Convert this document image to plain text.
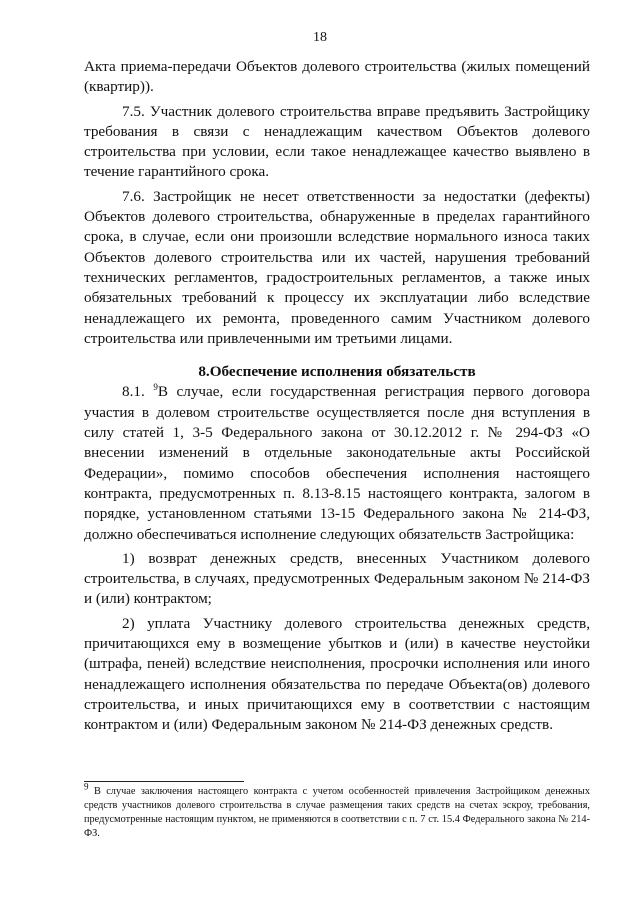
18

Акта приема-передачи Объектов долевого строительства (жилых помещений (квартир)).

7.5. Участник долевого строительства вправе предъявить Застройщику требования в связи с ненадлежащим качеством Объектов долевого строительства при условии, если такое ненадлежащее качество выявлено в течение гарантийного срока.

7.6. Застройщик не несет ответственности за недостатки (дефекты) Объектов долевого строительства, обнаруженные в пределах гарантийного срока, в случае, если они произошли вследствие нормального износа таких Объектов долевого строительства или их частей, нарушения требований технических регламентов, градостроительных регламентов, а также иных обязательных требований к процессу их эксплуатации либо вследствие ненадлежащего их ремонта, проведенного самим Участником долевого строительства или привлеченными им третьими лицами.

8.Обеспечение исполнения обязательств

8.1. $^9$В случае, если государственная регистрация первого договора участия в долевом строительстве осуществляется после дня вступления в силу статей 1, 3-5 Федерального закона от 30.12.2012 г. № 294-ФЗ «О внесении изменений в отдельные законодательные акты Российской Федерации», помимо способов обеспечения исполнения настоящего контракта, предусмотренных п. 8.13-8.15 настоящего контракта, залогом в порядке, установленном статьями 13-15 Федерального закона № 214-ФЗ, должно обеспечиваться исполнение следующих обязательств Застройщика:

1) возврат денежных средств, внесенных Участником долевого строительства, в случаях, предусмотренных Федеральным законом № 214-ФЗ и (или) контрактом;

2) уплата Участнику долевого строительства денежных средств, причитающихся ему в возмещение убытков и (или) в качестве неустойки (штрафа, пеней) вследствие неисполнения, просрочки исполнения или иного ненадлежащего исполнения обязательства по передаче Объекта(ов) долевого строительства, и иных причитающихся ему в соответствии с настоящим контрактом и (или) Федеральным законом № 214-ФЗ денежных средств.

$^9$ В случае заключения настоящего контракта с учетом особенностей привлечения Застройщиком денежных средств участников долевого строительства в случае размещения таких средств на счетах эскроу, требования, предусмотренные настоящим пунктом, не применяются в соответствии с п. 7 ст. 15.4 Федерального закона № 214-ФЗ.
